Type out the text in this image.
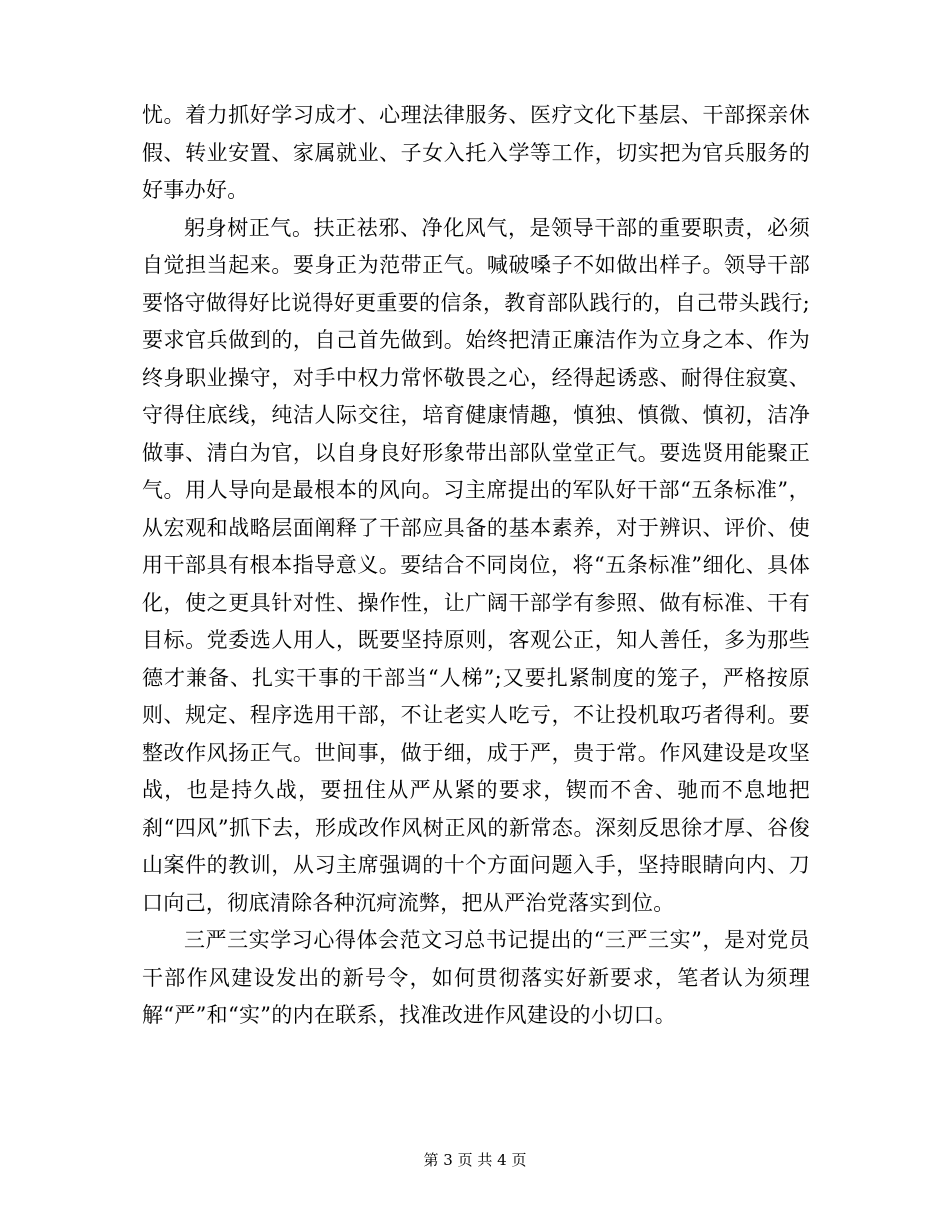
忧。着力抓好学习成才、心理法律服务、医疗文化下基层、干部探亲休假、转业安置、家属就业、子女入托入学等工作，切实把为官兵服务的好事办好。

躬身树正气。扶正祛邪、净化风气，是领导干部的重要职责，必须自觉担当起来。要身正为范带正气。喊破嗓子不如做出样子。领导干部要恪守做得好比说得好更重要的信条，教育部队践行的，自己带头践行;要求官兵做到的，自己首先做到。始终把清正廉洁作为立身之本、作为终身职业操守，对手中权力常怀敬畏之心，经得起诱惑、耐得住寂寞、守得住底线，纯洁人际交往，培育健康情趣，慎独、慎微、慎初，洁净做事、清白为官，以自身良好形象带出部队堂堂正气。要选贤用能聚正气。用人导向是最根本的风向。习主席提出的军队好干部“五条标准”，从宏观和战略层面阐释了干部应具备的基本素养，对于辨识、评价、使用干部具有根本指导意义。要结合不同岗位，将“五条标准”细化、具体化，使之更具针对性、操作性，让广阔干部学有参照、做有标准、干有目标。党委选人用人，既要坚持原则，客观公正，知人善任，多为那些德才兼备、扎实干事的干部当“人梯”;又要扎紧制度的笼子，严格按原则、规定、程序选用干部，不让老实人吃亏，不让投机取巧者得利。要整改作风扬正气。世间事，做于细，成于严，贵于常。作风建设是攻坚战，也是持久战，要扭住从严从紧的要求，锲而不舍、驰而不息地把刹“四风”抓下去，形成改作风树正风的新常态。深刻反思徐才厚、谷俊山案件的教训，从习主席强调的十个方面问题入手，坚持眼睛向内、刀口向己，彻底清除各种沉疴流弊，把从严治党落实到位。

三严三实学习心得体会范文习总书记提出的“三严三实”，是对党员干部作风建设发出的新号令，如何贯彻落实好新要求，笔者认为须理解“严”和“实”的内在联系，找准改进作风建设的小切口。

第 3 页 共 4 页
